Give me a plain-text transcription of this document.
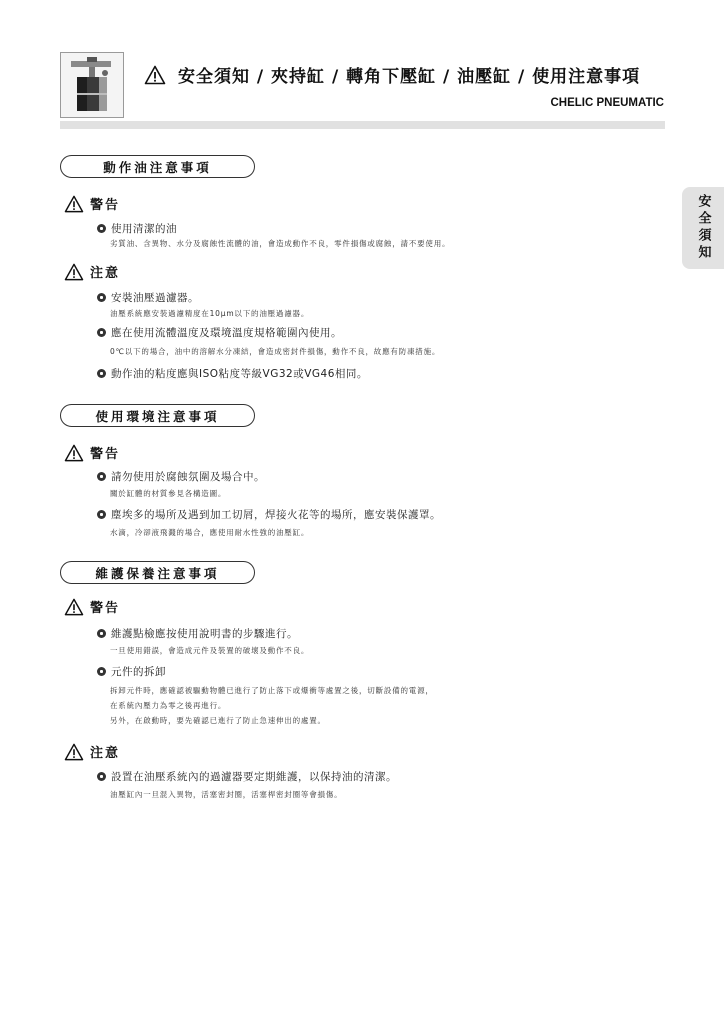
安全須知 / 夾持缸 / 轉角下壓缸 / 油壓缸 / 使用注意事項
CHELIC PNEUMATIC
安全須知
動作油注意事項
警告
使用清潔的油
劣質油、含異物、水分及腐蝕性流體的油，會造成動作不良，零件損傷或腐蝕，請不要使用。
注意
安裝油壓過濾器。
油壓系統應安裝過濾精度在10μm以下的油壓過濾器。
應在使用流體溫度及環境溫度規格範圍內使用。
0℃以下的場合，油中的溶解水分凍結，會造成密封件損傷，動作不良，故應有防凍措施。
動作油的粘度應與ISO粘度等級VG32或VG46相同。
使用環境注意事項
警告
請勿使用於腐蝕氛圍及場合中。
關於缸體的材質參見各構造圖。
塵埃多的場所及遇到加工切屑，焊接火花等的場所，應安裝保護罩。
水滴，冷卻液飛濺的場合，應使用耐水性強的油壓缸。
維護保養注意事項
警告
維護點檢應按使用說明書的步驟進行。
一旦使用錯誤，會造成元件及裝置的破壞及動作不良。
元件的拆卸
拆卸元件時，應確認被驅動物體已進行了防止落下或爆衝等處置之後，切斷設備的電源，
在系統內壓力為零之後再進行。
另外，在啟動時，要先確認已進行了防止急速伸出的處置。
注意
設置在油壓系統內的過濾器要定期維護，以保持油的清潔。
油壓缸內一旦混入異物，活塞密封圈，活塞桿密封圈等會損傷。
